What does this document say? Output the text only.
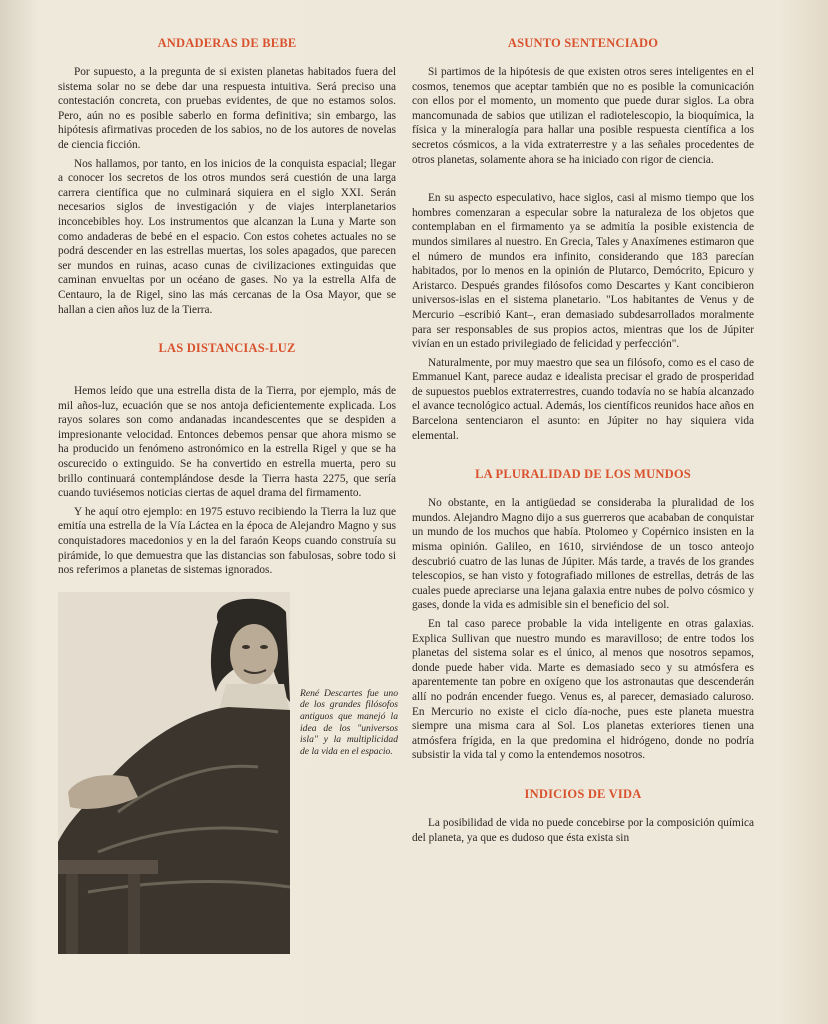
ANDADERAS DE BEBE

Por supuesto, a la pregunta de si existen planetas habitados fuera del sistema solar no se debe dar una respuesta intuitiva. Será preciso una contestación concreta, con pruebas evidentes, de que no estamos solos. Pero, aún no es posible saberlo en forma definitiva; sin embargo, las hipótesis afirmativas proceden de los sabios, no de los autores de novelas de ciencia ficción.

Nos hallamos, por tanto, en los inicios de la conquista espacial; llegar a conocer los secretos de los otros mundos será cuestión de una larga carrera científica que no culminará siquiera en el siglo XXI. Serán necesarios siglos de investigación y de viajes interplanetarios inconcebibles hoy. Los instrumentos que alcanzan la Luna y Marte son como andaderas de bebé en el espacio. Con estos cohetes actuales no se podrá descender en las estrellas muertas, los soles apagados, que parecen ser mundos en ruinas, acaso cunas de civilizaciones extinguidas que caminan envueltas por un océano de gases. No ya la estrella Alfa de Centauro, la de Rigel, sino las más cercanas de la Osa Mayor, que se hallan a cien años luz de la Tierra.

LAS DISTANCIAS-LUZ

Hemos leído que una estrella dista de la Tierra, por ejemplo, más de mil años-luz, ecuación que se nos antoja deficientemente explicada. Los rayos solares son como andanadas incandescentes que se despiden a impresionante velocidad. Entonces debemos pensar que ahora mismo se ha producido un fenómeno astronómico en la estrella Rigel y que se ha oscurecido o extinguido. Se ha convertido en estrella muerta, pero su brillo continuará contemplándose desde la Tierra hasta 2275, que sería cuando tuviésemos noticias ciertas de aquel drama del firmamento.

Y he aquí otro ejemplo: en 1975 estuvo recibiendo la Tierra la luz que emitía una estrella de la Vía Láctea en la época de Alejandro Magno y sus conquistadores macedonios y en la del faraón Keops cuando construía su pirámide, lo que demuestra que las distancias son fabulosas, sobre todo si nos referimos a planetas de sistemas ignorados.

René Descartes fue uno de los grandes filósofos antiguos que manejó la idea de los "universos isla" y la multiplicidad de la vida en el espacio.
ASUNTO SENTENCIADO

Si partimos de la hipótesis de que existen otros seres inteligentes en el cosmos, tenemos que aceptar también que no es posible la comunicación con ellos por el momento, un momento que puede durar siglos. La obra mancomunada de sabios que utilizan el radiotelescopio, la bioquímica, la física y la mineralogía para hallar una posible respuesta científica a los secretos cósmicos, a la vida extraterrestre y a las señales procedentes de otros planetas, solamente ahora se ha iniciado con rigor de ciencia.

En su aspecto especulativo, hace siglos, casi al mismo tiempo que los hombres comenzaran a especular sobre la naturaleza de los objetos que contemplaban en el firmamento ya se admitía la posible existencia de mundos similares al nuestro. En Grecia, Tales y Anaxímenes estimaron que el número de mundos era infinito, considerando que 183 parecían habitados, por lo menos en la opinión de Plutarco, Demócrito, Epicuro y Aristarco. Después grandes filósofos como Descartes y Kant concibieron universos-islas en el sistema planetario. "Los habitantes de Venus y de Mercurio –escribió Kant–, eran demasiado subdesarrollados moralmente para ser responsables de sus propios actos, mientras que los de Júpiter vivían en un estado privilegiado de felicidad y perfección".

Naturalmente, por muy maestro que sea un filósofo, como es el caso de Emmanuel Kant, parece audaz e idealista precisar el grado de prosperidad de supuestos pueblos extraterrestres, cuando todavía no se había alcanzado el avance tecnológico actual. Además, los científicos reunidos hace años en Barcelona sentenciaron el asunto: en Júpiter no hay siquiera vida elemental.

LA PLURALIDAD DE LOS MUNDOS

No obstante, en la antigüedad se consideraba la pluralidad de los mundos. Alejandro Magno dijo a sus guerreros que acababan de conquistar un mundo de los muchos que había. Ptolomeo y Copérnico insisten en la misma opinión. Galileo, en 1610, sirviéndose de un tosco anteojo descubrió cuatro de las lunas de Júpiter. Más tarde, a través de los grandes telescopios, se han visto y fotografiado millones de estrellas, detrás de las cuales puede apreciarse una lejana galaxia entre nubes de polvo cósmico y gases, donde la vida es admisible sin el beneficio del sol.

En tal caso parece probable la vida inteligente en otras galaxias. Explica Sullivan que nuestro mundo es maravilloso; de entre todos los planetas del sistema solar es el único, al menos que nosotros sepamos, donde puede haber vida. Marte es demasiado seco y su atmósfera es aparentemente tan pobre en oxígeno que los astronautas que descenderán allí no podrán encender fuego. Venus es, al parecer, demasiado caluroso. En Mercurio no existe el ciclo día-noche, pues este planeta muestra siempre una misma cara al Sol. Los planetas exteriores tienen una atmósfera frígida, en la que predomina el hidrógeno, donde no podría subsistir la vida tal y como la entendemos nosotros.

INDICIOS DE VIDA

La posibilidad de vida no puede concebirse por la composición química del planeta, ya que es dudoso que ésta exista sin
